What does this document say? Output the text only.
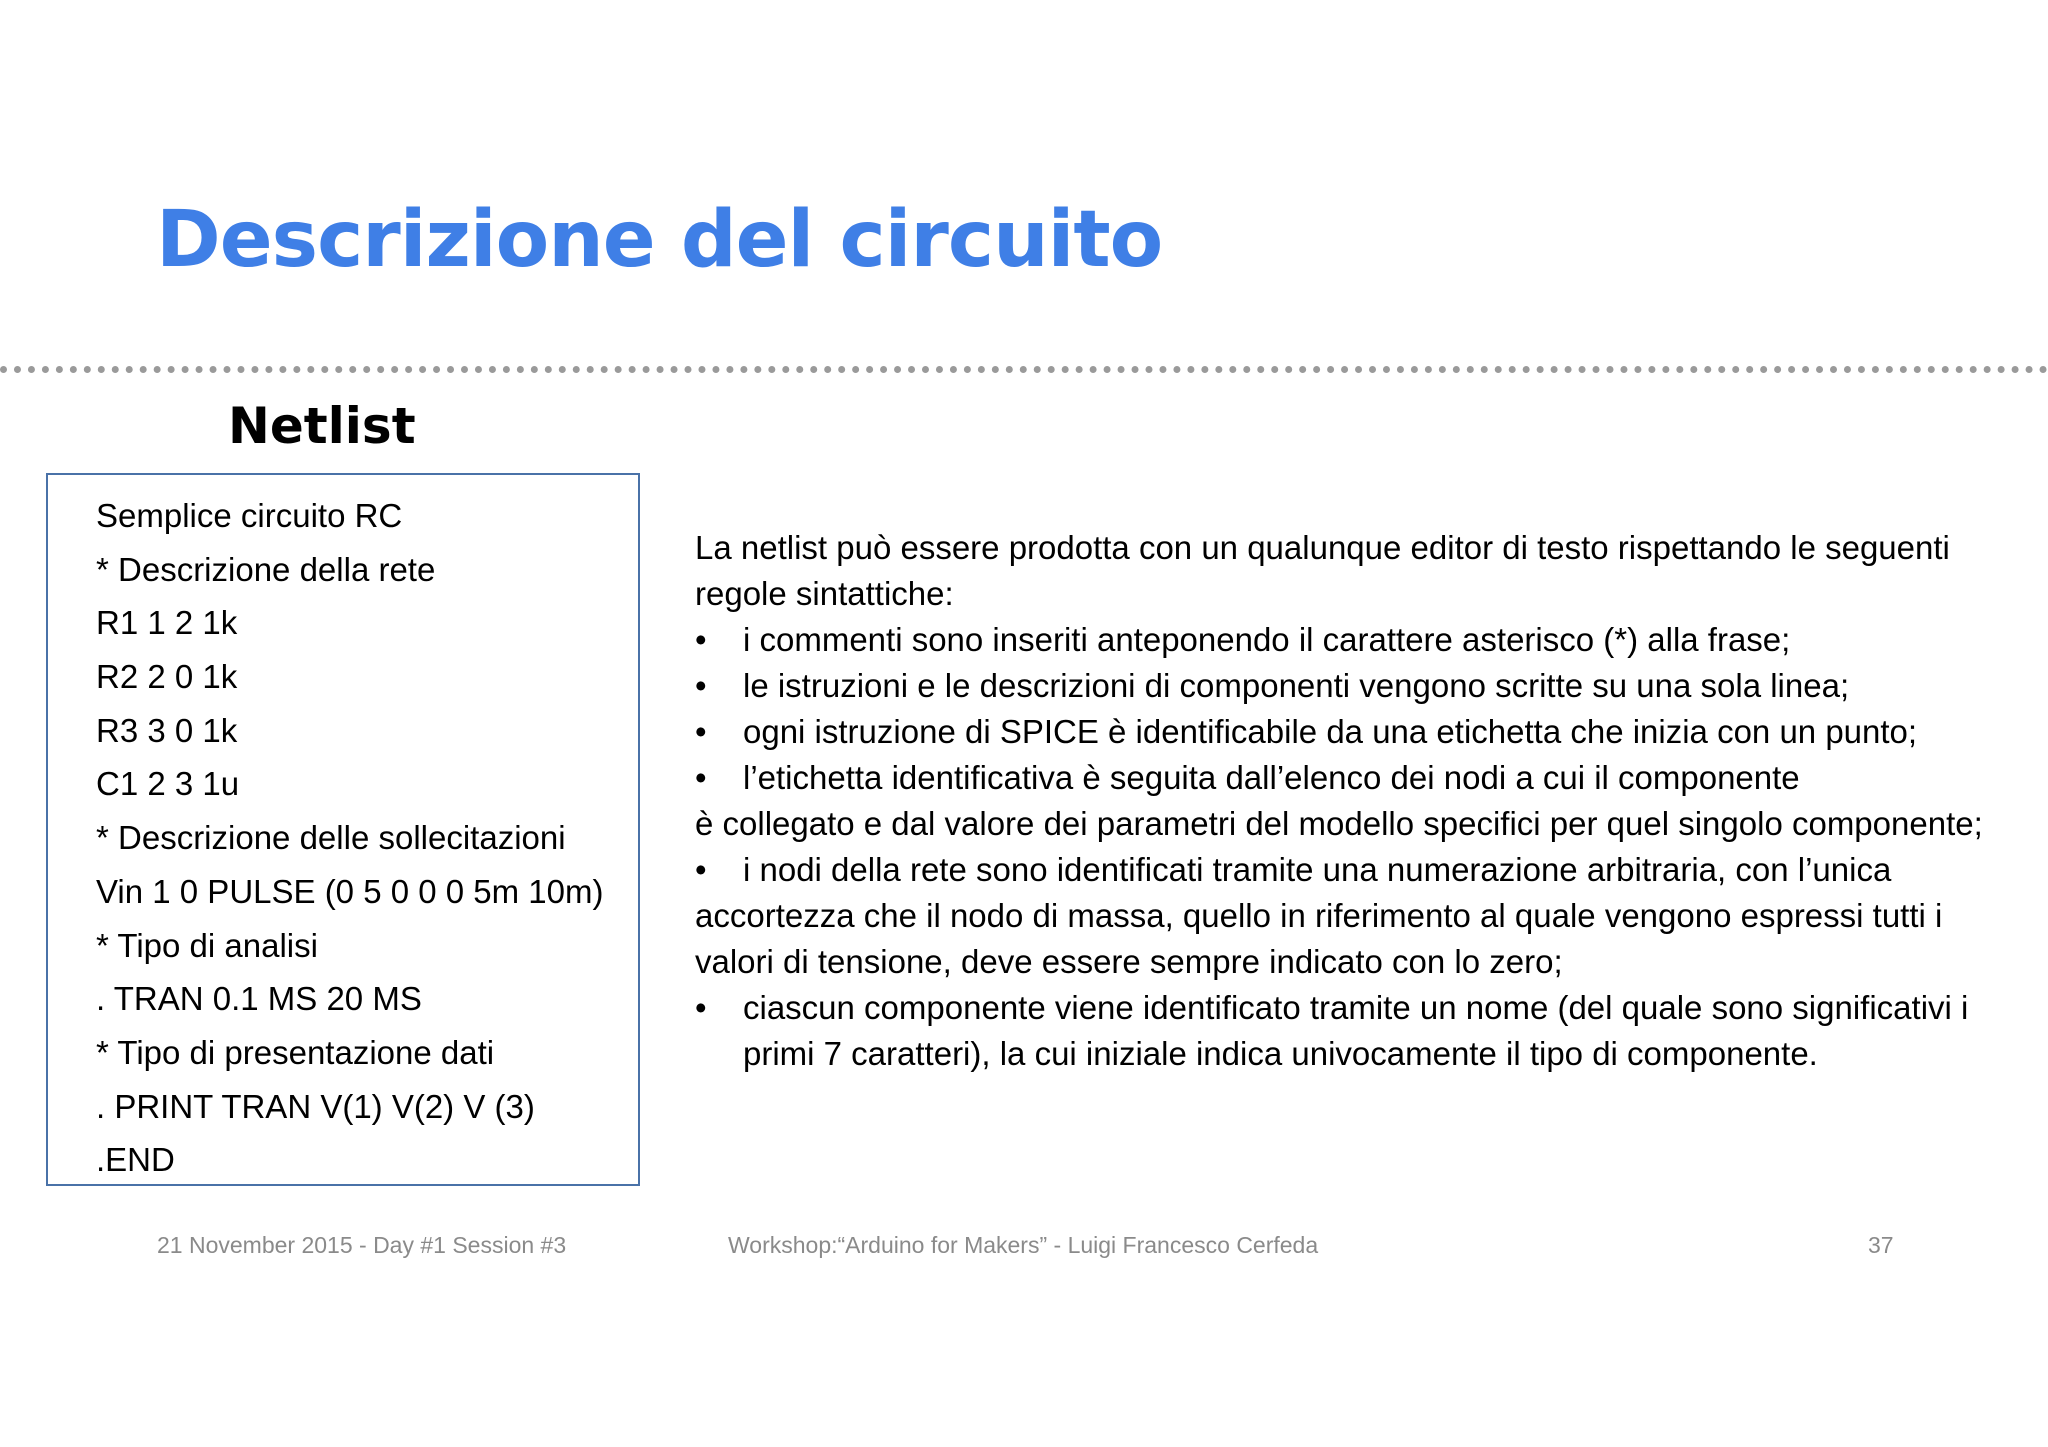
Descrizione del circuito
Netlist
Semplice circuito RC
* Descrizione della rete
R1 1 2 1k
R2 2 0 1k
R3 3 0 1k
C1 2 3 1u
* Descrizione delle sollecitazioni
Vin 1 0 PULSE (0 5 0 0 0 5m 10m)
* Tipo di analisi
. TRAN 0.1 MS 20 MS
* Tipo di presentazione dati
. PRINT TRAN V(1) V(2) V (3)
.END

La netlist può essere prodotta con un qualunque editor di testo rispettando le seguenti regole sintattiche:

•	i commenti sono inseriti anteponendo il carattere asterisco (*) alla frase;
•	le istruzioni e le descrizioni di componenti vengono scritte su una sola linea;
•	ogni istruzione di SPICE è identificabile da una etichetta che inizia con un punto;
•	l’etichetta identificativa è seguita dall’elenco dei nodi a cui il componente

è collegato e dal valore dei parametri del modello specifici per quel singolo componente;

•	i nodi della rete sono identificati tramite una numerazione arbitraria, con l’unica

accortezza che il nodo di massa, quello in riferimento al quale vengono espressi tutti i valori di tensione, deve essere sempre indicato con lo zero;

•	ciascun componente viene identificato tramite un nome (del quale sono significativi i primi 7 caratteri), la cui iniziale indica univocamente il tipo di componente.
21 November 2015 - Day #1 Session #3	Workshop:“Arduino for Makers” - Luigi Francesco Cerfeda	37
